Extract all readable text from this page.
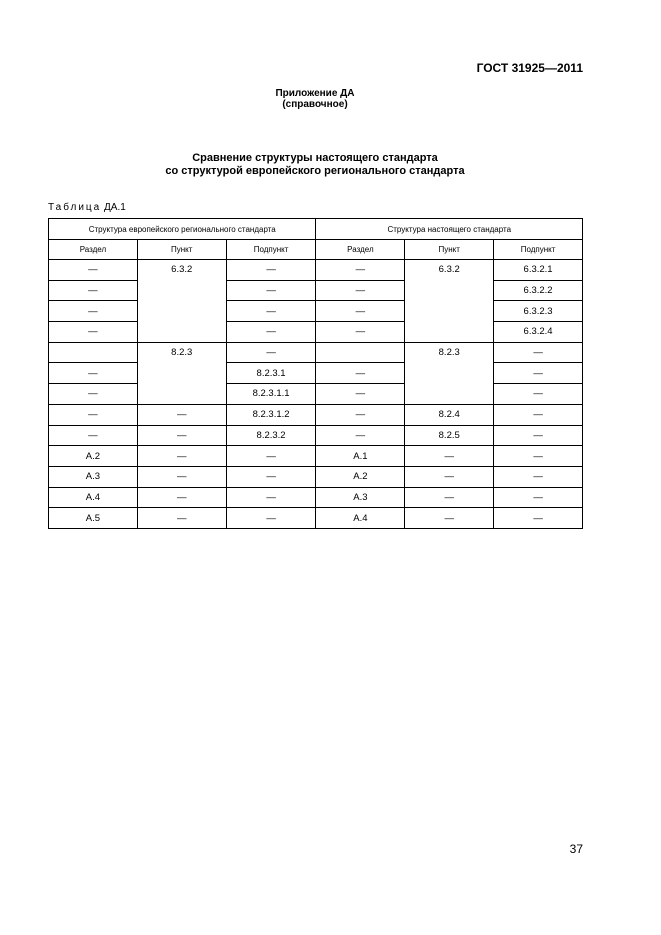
ГОСТ 31925—2011
Приложение ДА
(справочное)
Сравнение структуры настоящего стандарта
со структурой европейского регионального стандарта
Таблица ДА.1
Структура европейского регионального стандарта			Структура настоящего стандарта		
Раздел	Пункт	Подпункт	Раздел	Пункт	Подпункт
—	6.3.2	—	—	6.3.2	6.3.2.1
—		—	—		6.3.2.2
—		—	—		6.3.2.3
—		—	—		6.3.2.4
	8.2.3	—		8.2.3	—
—		8.2.3.1	—		—
—		8.2.3.1.1	—		—
—	—	8.2.3.1.2	—	8.2.4	—
—	—	8.2.3.2	—	8.2.5	—
А.2	—	—	А.1	—	—
А.3	—	—	А.2	—	—
А.4	—	—	А.3	—	—
А.5	—	—	А.4	—	—
37
